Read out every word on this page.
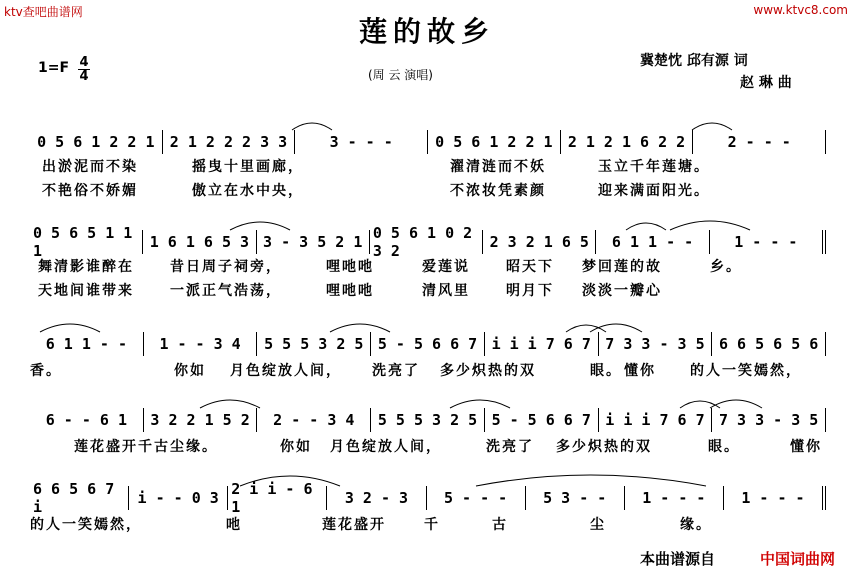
ktv查吧曲谱网	www.ktvc8.com
莲的故乡
冀楚忱 邱有源 词
赵 琳 曲
1=F 4
4	(周 云 演唱)
0 5 6 1 2 2 1	2 1 2 2 2 3 3	3 - - -	0 5 6 1 2 2 1	2 1 2 1 6 2 2	2 - - -
出淤泥而不染	摇曳十里画廊，	濯清涟而不妖	玉立千年莲塘。
不艳俗不娇媚	傲立在水中央，	不浓妆凭素颜	迎来满面阳光。
0 5 6 5 1 1 1	1 6 1 6 5 3 3 - 3 5 2 1 0 5 6 1 0 2 3 2	2 3 2 1 6 5	6 1 1 - -	1 - - -
舞清影谁醉在	昔日周子祠旁，	哩吔吔	爱莲说	昭天下 梦回莲的故	乡。
天地间谁带来	一派正气浩荡，	哩吔吔	清风里	明月下 淡淡一瓣心
6 1 1 - -	1 - - 3 4	5 5 5 3 2 5 5 - 5 6 6 7 i i i 7 6 7 7 3 3 - 3 5 6 6 5 6 5 6
香。	你如 月色绽放人间， 洗亮了 多少炽热的双	眼。 懂你 的人一笑嫣然，
6 - - 6 1	3 2 2 1 5 2	2 - - 3 4	5 5 5 3 2 5 5 - 5 6 6 7 i i i 7 6 7 7 3 3 - 3 5
莲花盛开千古尘缘。	你如 月色绽放人间，	洗亮了 多少炽热的双	眼。	懂你
6 6 5 6 7 i	i - - 0 3 2 i i - 6 1	3 2 - 3	5 - - -	5 3 - -	1 - - -	1 - - -
的人一笑嫣然，	吔	莲花盛开	千	古	尘	缘。
本曲谱源自	中国词曲网
